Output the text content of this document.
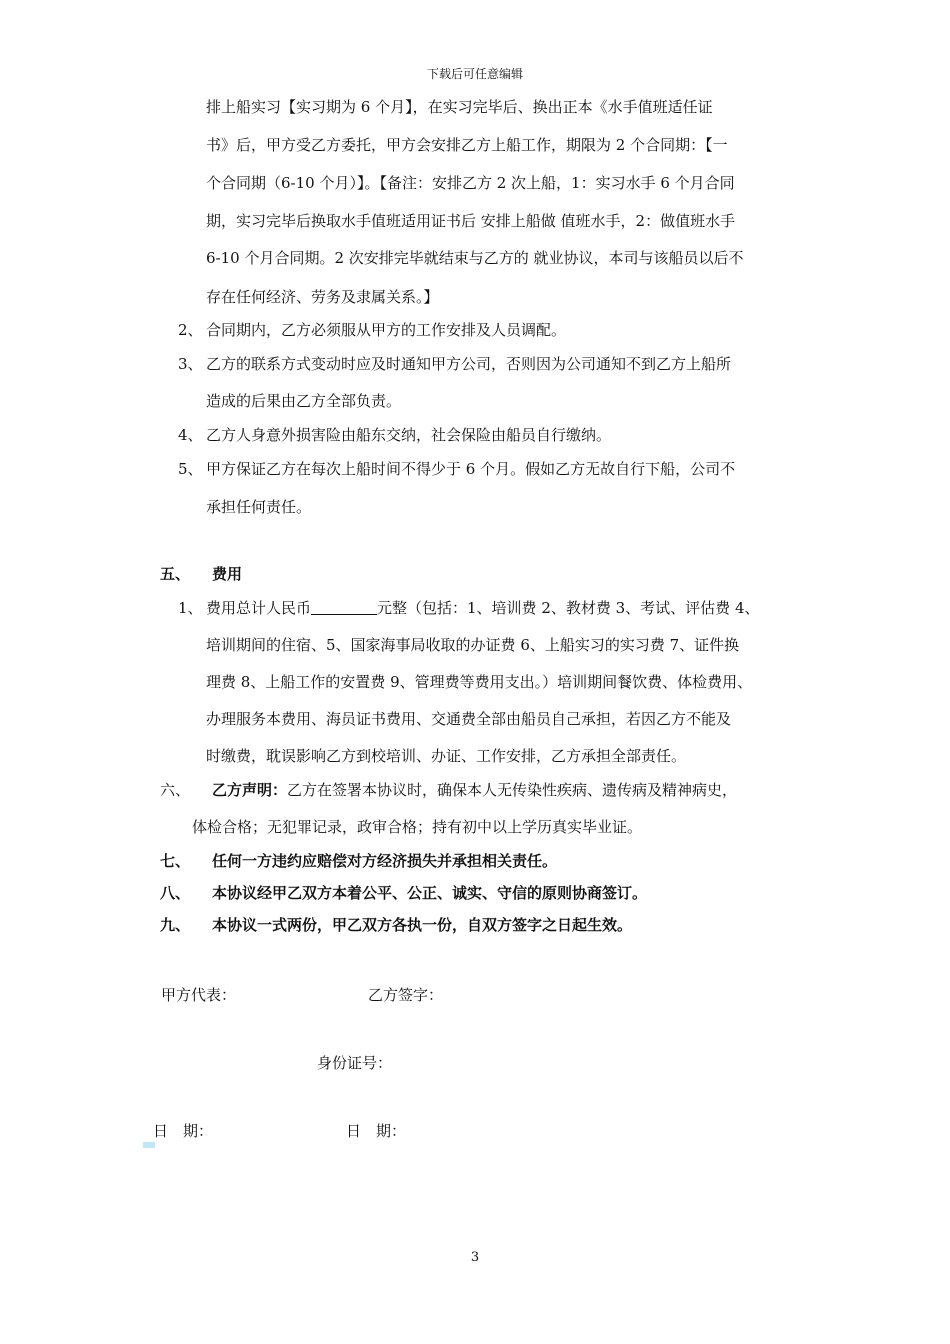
下载后可任意编辑
排上船实习【实习期为 6 个月】，在实习完毕后、换出正本《水手值班适任证
书》后，甲方受乙方委托，甲方会安排乙方上船工作，期限为 2 个合同期：【一
个合同期（6-10 个月）】。【备注：安排乙方 2 次上船，1：实习水手 6 个月合同
期，实习完毕后换取水手值班适用证书后 安排上船做 值班水手，2：做值班水手
6-10 个月合同期。2 次安排完毕就结束与乙方的 就业协议，本司与该船员以后不
存在任何经济、劳务及隶属关系。】
2、 合同期内，乙方必须服从甲方的工作安排及人员调配。
3、 乙方的联系方式变动时应及时通知甲方公司，否则因为公司通知不到乙方上船所
造成的后果由乙方全部负责。
4、 乙方人身意外损害险由船东交纳，社会保险由船员自行缴纳。
5、 甲方保证乙方在每次上船时间不得少于 6 个月。假如乙方无故自行下船，公司不
承担任何责任。
五、 费用
1、 费用总计人民币	元整（包括：1、培训费 2、教材费 3、考试、评估费 4、
培训期间的住宿、5、国家海事局收取的办证费 6、上船实习的实习费 7、证件换
理费 8、上船工作的安置费 9、管理费等费用支出。）培训期间餐饮费、体检费用、
办理服务本费用、海员证书费用、交通费全部由船员自己承担，若因乙方不能及
时缴费，耽误影响乙方到校培训、办证、工作安排，乙方承担全部责任。
六、 乙方声明：乙方在签署本协议时，确保本人无传染性疾病、遗传病及精神病史，
体检合格；无犯罪记录，政审合格；持有初中以上学历真实毕业证。
七、 任何一方违约应赔偿对方经济损失并承担相关责任。
八、 本协议经甲乙双方本着公平、公正、诚实、守信的原则协商签订。
九、 本协议一式两份，甲乙双方各执一份，自双方签字之日起生效。
甲方代表：	乙方签字：
身份证号：
日　期：	日　期：
3
